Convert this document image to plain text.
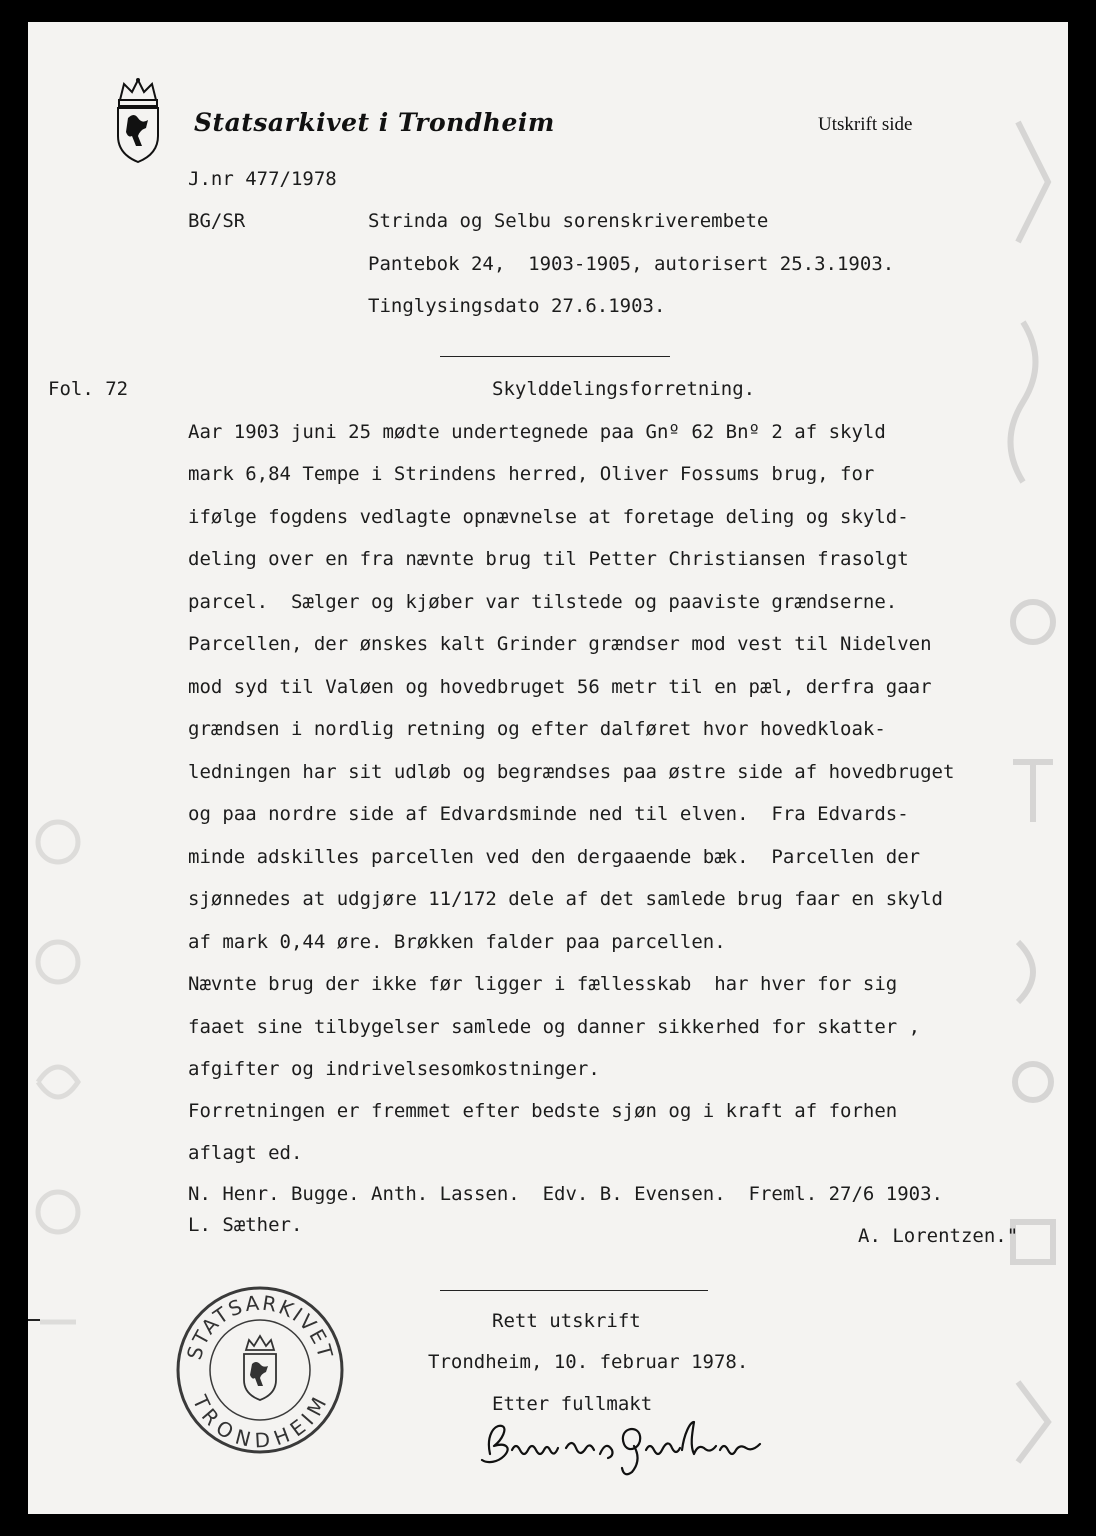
Statsarkivet i Trondheim	Utskrift side
J.nr 477/1978
BG/SR	Strinda og Selbu sorenskriverembete
Pantebok 24,  1903-1905, autorisert 25.3.1903.
Tinglysingsdato 27.6.1903.
Fol. 72	Skylddelingsforretning.
Aar 1903 juni 25 mødte undertegnede paa Gnº 62 Bnº 2 af skyld
mark 6,84 Tempe i Strindens herred, Oliver Fossums brug, for
ifølge fogdens vedlagte opnævnelse at foretage deling og skyld-
deling over en fra nævnte brug til Petter Christiansen frasolgt
parcel.  Sælger og kjøber var tilstede og paaviste grændserne.
Parcellen, der ønskes kalt Grinder grændser mod vest til Nidelven
mod syd til Valøen og hovedbruget 56 metr til en pæl, derfra gaar
grændsen i nordlig retning og efter dalføret hvor hovedkloak-
ledningen har sit udløb og begrændses paa østre side af hovedbruget
og paa nordre side af Edvardsminde ned til elven.  Fra Edvards-
minde adskilles parcellen ved den dergaaende bæk.  Parcellen der
sjønnedes at udgjøre 11/172 dele af det samlede brug faar en skyld
af mark 0,44 øre. Brøkken falder paa parcellen.
Nævnte brug der ikke før ligger i fællesskab  har hver for sig
faaet sine tilbygelser samlede og danner sikkerhed for skatter ,
afgifter og indrivelsesomkostninger.
Forretningen er fremmet efter bedste sjøn og i kraft af forhen
aflagt ed.
N. Henr. Bugge. Anth. Lassen.  Edv. B. Evensen.  Freml. 27/6 1903.
L. Sæther.	A. Lorentzen."
Rett utskrift
Trondheim, 10. februar 1978.
Etter fullmakt
STATSARKIVET
TRONDHEIM
